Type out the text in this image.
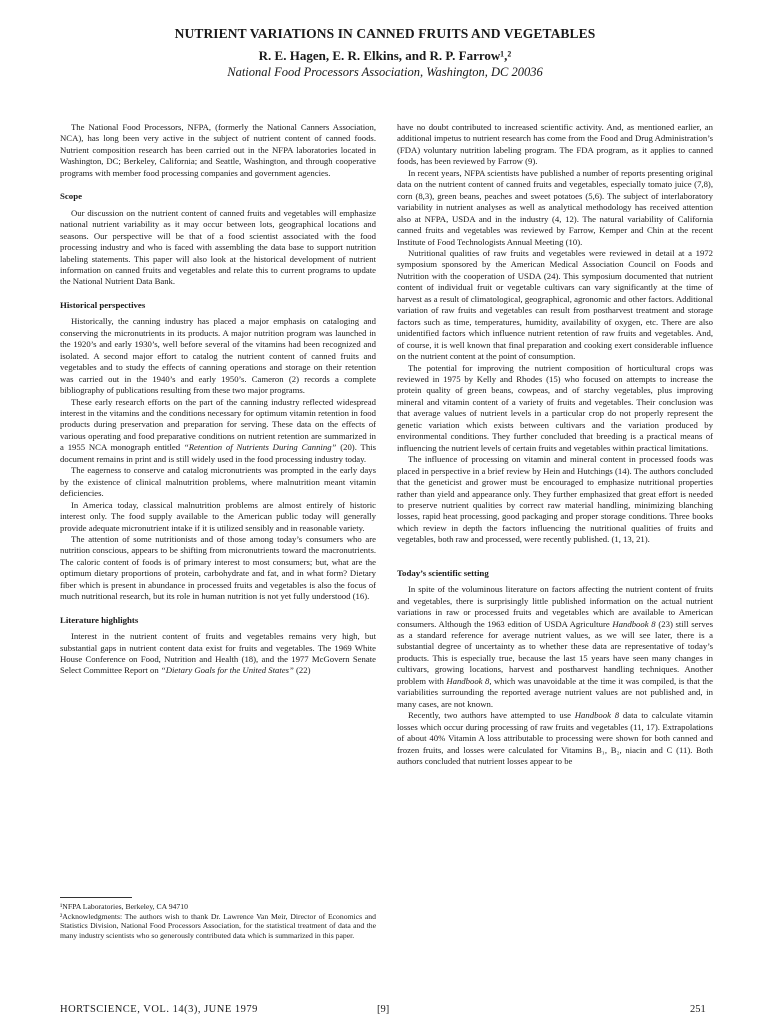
NUTRIENT VARIATIONS IN CANNED FRUITS AND VEGETABLES
R. E. Hagen, E. R. Elkins, and R. P. Farrow¹,²
National Food Processors Association, Washington, DC 20036

The National Food Processors, NFPA, (formerly the National Canners Association, NCA), has long been very active in the subject of nutrient content of canned foods. Nutrient composition research has been carried out in the NFPA laboratories located in Washington, DC; Berkeley, California; and Seattle, Washington, and through cooperative programs with member food processing companies and government agencies.

Scope

Our discussion on the nutrient content of canned fruits and vegetables will emphasize national nutrient variability as it may occur between lots, geographical locations and seasons. Our perspective will be that of a food scientist associated with the food processing industry and who is faced with assembling the data base to support nutrition labeling statements. This paper will also look at the historical development of nutrient information on canned fruits and vegetables and relate this to current programs to update the National Nutrient Data Bank.

Historical perspectives

Historically, the canning industry has placed a major emphasis on cataloging and conserving the micronutrients in its products. A major nutrition program was launched in the 1920’s and early 1930’s, well before several of the vitamins had been recognized and isolated. A second major effort to catalog the nutrient content of canned fruits and vegetables and to study the effects of canning operations and storage on their retention was carried out in the 1940’s and early 1950’s. Cameron (2) records a complete bibliography of publications resulting from these two major programs.

These early research efforts on the part of the canning industry reflected widespread interest in the vitamins and the conditions necessary for optimum vitamin retention in food products during preservation and preparation for serving. These data on the effects of various operating and food preparative conditions on nutrient retention are summarized in a 1955 NCA monograph entitled “Retention of Nutrients During Canning” (20). This document remains in print and is still widely used in the food processing industry today.

The eagerness to conserve and catalog micronutrients was prompted in the early days by the existence of clinical malnutrition problems, where malnutrition meant vitamin deficiencies.

In America today, classical malnutrition problems are almost entirely of historic interest only. The food supply available to the American public today will generally provide adequate micronutrient intake if it is utilized sensibly and in reasonable variety.

The attention of some nutritionists and of those among today’s consumers who are nutrition conscious, appears to be shifting from micronutrients toward the macronutrients. The caloric content of foods is of primary interest to most consumers; but, what are the optimum dietary proportions of protein, carbohydrate and fat, and in what form? Dietary fiber which is present in abundance in processed fruits and vegetables is also the focus of much nutritional research, but its role in human nutrition is not yet fully understood (16).

Literature highlights

Interest in the nutrient content of fruits and vegetables remains very high, but substantial gaps in nutrient content data exist for fruits and vegetables. The 1969 White House Conference on Food, Nutrition and Health (18), and the 1977 McGovern Senate Select Committee Report on “Dietary Goals for the United States” (22)

¹NFPA Laboratories, Berkeley, CA 94710

²Acknowledgments: The authors wish to thank Dr. Lawrence Van Meir, Director of Economics and Statistics Division, National Food Processors Association, for the statistical treatment of data and the many industry scientists who so generously contributed data which is summarized in this paper.

have no doubt contributed to increased scientific activity. And, as mentioned earlier, an additional impetus to nutrient research has come from the Food and Drug Administration’s (FDA) voluntary nutrition labeling program. The FDA program, as it applies to canned foods, has been reviewed by Farrow (9).

In recent years, NFPA scientists have published a number of reports presenting original data on the nutrient content of canned fruits and vegetables, especially tomato juice (7,8), corn (8,3), green beans, peaches and sweet potatoes (5,6). The subject of interlaboratory variability in nutrient analyses as well as analytical methodology has received attention also at NFPA, USDA and in the industry (4, 12). The natural variability of California canned fruits and vegetables was reviewed by Farrow, Kemper and Chin at the recent Institute of Food Technologists Annual Meeting (10).

Nutritional qualities of raw fruits and vegetables were reviewed in detail at a 1972 symposium sponsored by the American Medical Association Council on Foods and Nutrition with the cooperation of USDA (24). This symposium documented that nutrient content of individual fruit or vegetable cultivars can vary significantly at the time of harvest as a result of climatological, geographical, agronomic and other factors. Additional variation of raw fruits and vegetables can result from postharvest treatment and storage factors such as time, temperatures, humidity, availability of oxygen, etc. There are also unidentified factors which influence nutrient retention of raw fruits and vegetables. And, of course, it is well known that final preparation and cooking exert considerable influence on the nutrient content at the point of consumption.

The potential for improving the nutrient composition of horticultural crops was reviewed in 1975 by Kelly and Rhodes (15) who focused on attempts to increase the protein quality of green beans, cowpeas, and of starchy vegetables, plus improving mineral and vitamin content of a variety of fruits and vegetables. Their conclusion was that average values of nutrient levels in a particular crop do not properly represent the genetic variation which exists between cultivars and the variation produced by environmental conditions. They further concluded that breeding is a practical means of influencing the nutrient levels of certain fruits and vegetables within practical limitations.

The influence of processing on vitamin and mineral content in processed foods was placed in perspective in a brief review by Hein and Hutchings (14). The authors concluded that the geneticist and grower must be encouraged to emphasize nutritional properties rather than yield and appearance only. They further emphasized that great effort is needed to preserve nutrient qualities by correct raw material handling, minimizing blanching losses, rapid heat processing, good packaging and proper storage conditions. Three books which review in depth the factors influencing the nutritional qualities of fruits and vegetables, both raw and processed, were recently published. (1, 13, 21).

Today’s scientific setting

In spite of the voluminous literature on factors affecting the nutrient content of fruits and vegetables, there is surprisingly little published information on the actual nutrient variations in raw or processed fruits and vegetables which are available to American consumers. Although the 1963 edition of USDA Agriculture Handbook 8 (23) still serves as a standard reference for average nutrient values, as we will see later, there is a substantial degree of uncertainty as to whether these data are representative of today’s products. This is especially true, because the last 15 years have seen many changes in cultivars, growing locations, harvest and postharvest handling techniques. Another problem with Handbook 8, which was unavoidable at the time it was compiled, is that the variabilities surrounding the reported average nutrient values are not published and, in many cases, are not known.

Recently, two authors have attempted to use Handbook 8 data to calculate vitamin losses which occur during processing of raw fruits and vegetables (11, 17). Extrapolations of about 40% Vitamin A loss attributable to processing were shown for both canned and frozen fruits, and losses were calculated for Vitamins B₁, B₂, niacin and C (11). Both authors concluded that nutrient losses appear to be

HORTSCIENCE, VOL. 14(3), JUNE 1979	[9]	251
